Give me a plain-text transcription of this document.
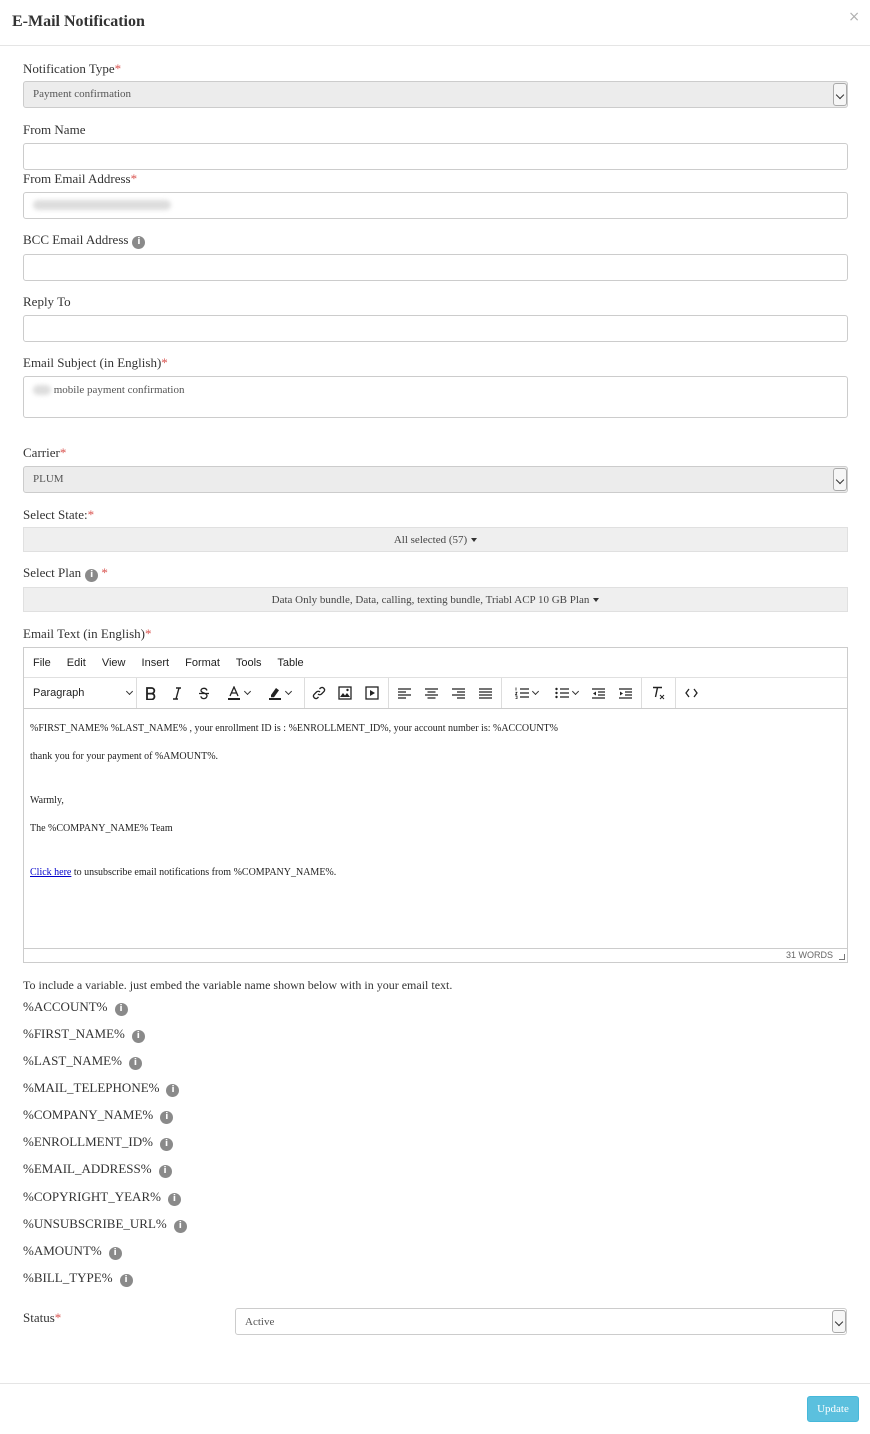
E-Mail Notification	×
Notification Type*
Payment confirmation
From Name
From Email Address*
BCC Email Address i
Reply To
Email Subject (in English)*
mobile payment confirmation
Carrier*
PLUM
Select State:*
All selected (57)
Select Plan i *
Data Only bundle, Data, calling, texting bundle, Triabl ACP 10 GB Plan
Email Text (in English)*
File Edit View Insert Format Tools Table
Paragraph

%FIRST_NAME% %LAST_NAME% , your enrollment ID is : %ENROLLMENT_ID%, your account number is: %ACCOUNT%

thank you for your payment of %AMOUNT%.

Warmly,

The %COMPANY_NAME% Team

Click here to unsubscribe email notifications from %COMPANY_NAME%.

31 WORDS
To include a variable. just embed the variable name shown below with in your email text.
%ACCOUNT% i
%FIRST_NAME% i
%LAST_NAME% i
%MAIL_TELEPHONE% i
%COMPANY_NAME% i
%ENROLLMENT_ID% i
%EMAIL_ADDRESS% i
%COPYRIGHT_YEAR% i
%UNSUBSCRIBE_URL% i
%AMOUNT% i
%BILL_TYPE% i
Status*	Active
Update
